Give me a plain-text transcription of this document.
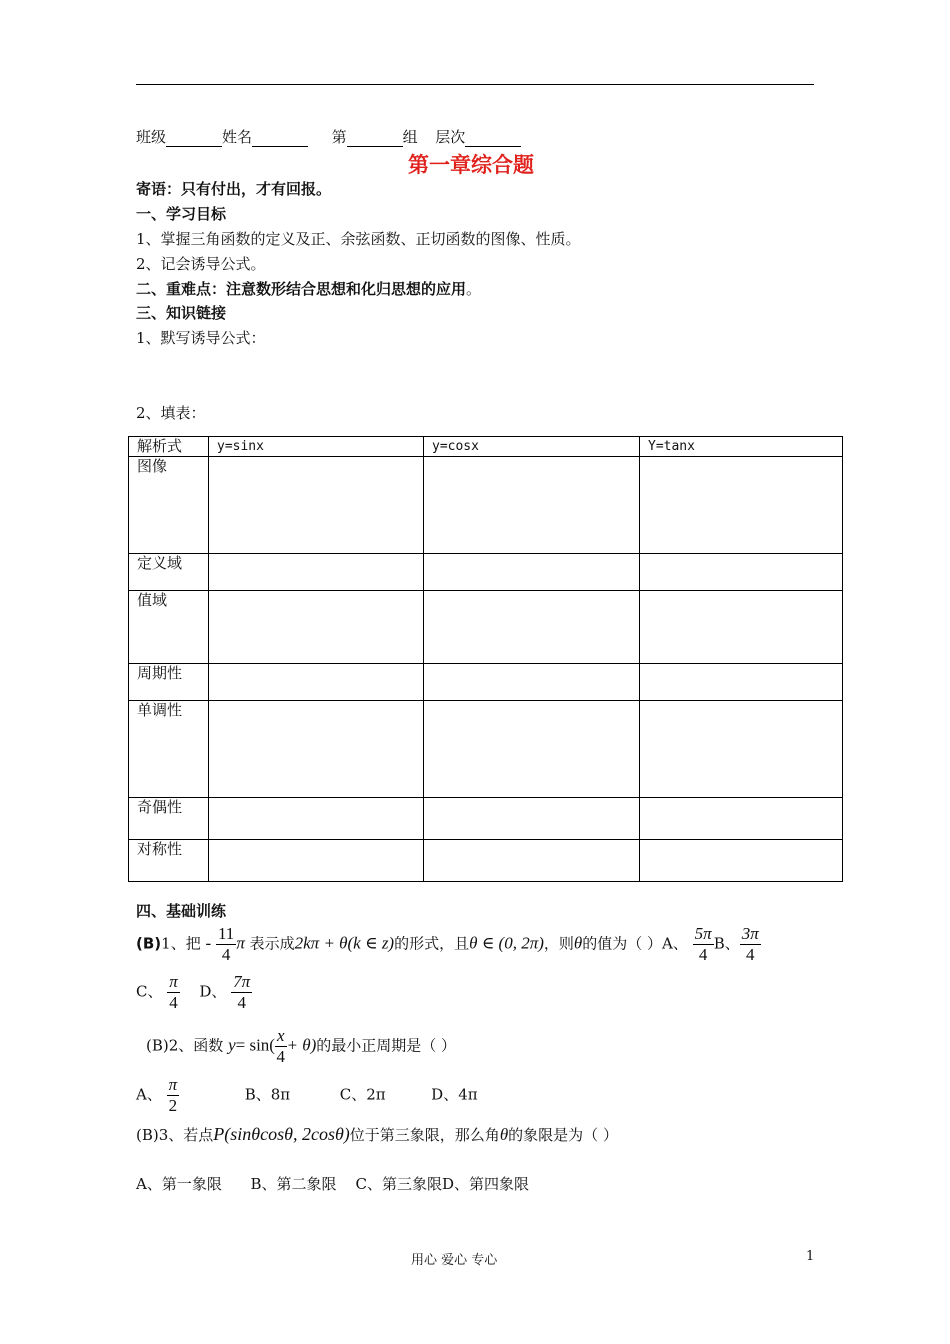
班级	姓名	第	组 层次
第一章综合题
寄语：只有付出，才有回报。
一、学习目标
1、掌握三角函数的定义及正、余弦函数、正切函数的图像、性质。
2、记会诱导公式。
二、重难点：注意数形结合思想和化归思想的应用。
三、知识链接
1、默写诱导公式：
2、填表：
解析式	y=sinx	y=cosx	Y=tanx
图像			
定义域			
值域			
周期性			
单调性			
奇偶性			
对称性			
四、基础训练
(B)1、把 - $\frac{11}{4}$ π 表示成2kπ + θ(k ∈ z)的形式，且θ ∈ (0, 2π)，则θ的值为（ ）A、 $\frac{5\pi}{4}$ B、 $\frac{3\pi}{4}$
C、 $\frac{\pi}{4}$ D、 $\frac{7\pi}{4}$
(B)2、函数 $y= \sin( \frac{x}{4} + \theta)$的最小正周期是（ ）
A、 $\frac{\pi}{2}$	B、8π	C、2π	D、4π
(B)3、若点P(sinθcosθ, 2cosθ)位于第三象限，那么角θ的象限是为（ ）
A、第一象限      B、第二象限    C、第三象限D、第四象限
用心 爱心 专心	1
